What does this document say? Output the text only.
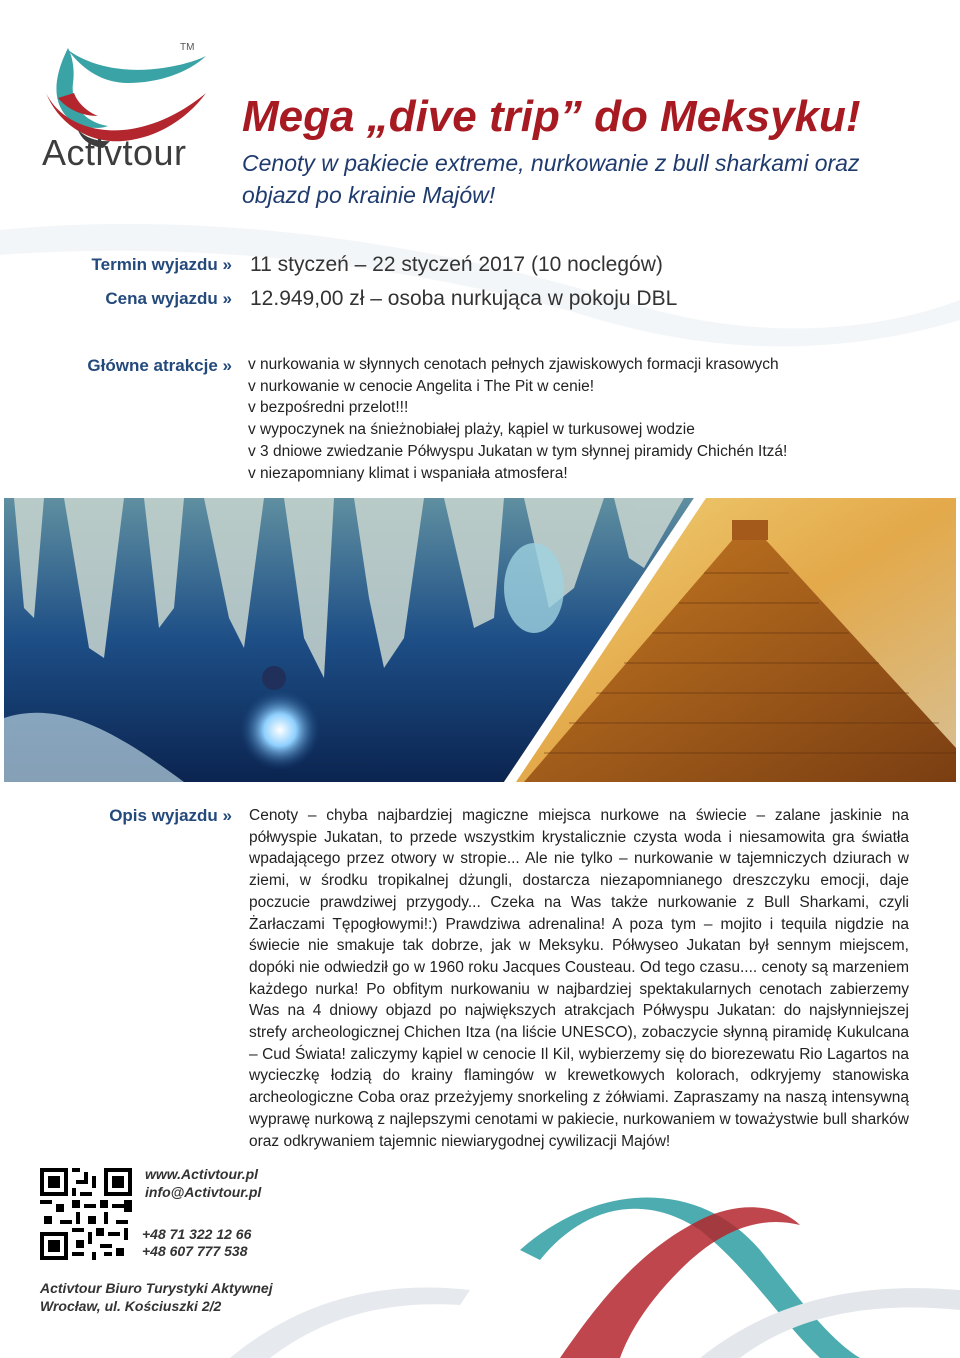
TM
Activtour
Mega „dive trip” do Meksyku!
Cenoty w pakiecie extreme, nurkowanie z bull sharkami oraz objazd po krainie Majów!
Termin wyjazdu » 11 styczeń – 22 styczeń 2017 (10 noclegów)
Cena wyjazdu » 12.949,00 zł – osoba nurkująca w pokoju DBL
Główne atrakcje » v nurkowania w słynnych cenotach pełnych zjawiskowych formacji krasowych
v nurkowanie w cenocie Angelita i The Pit w cenie!
v bezpośredni przelot!!!
v wypoczynek na śnieżnobiałej plaży, kąpiel w turkusowej wodzie
v 3 dniowe zwiedzanie Półwyspu Jukatan w tym słynnej piramidy Chichén Itzá!
v niezapomniany klimat i wspaniała atmosfera!
Opis wyjazdu » Cenoty – chyba najbardziej magiczne miejsca nurkowe na świecie – zalane jaskinie na półwyspie Jukatan, to przede wszystkim krystalicznie czysta woda i niesamowita gra światła wpadającego przez otwory w stropie... Ale nie tylko – nurkowanie w tajemniczych dziurach w ziemi, w środku tropikalnej dżungli, dostarcza niezapomnianego dreszczyku emocji, daje poczucie prawdziwej przygody... Czeka na Was także nurkowanie z Bull Sharkami, czyli Żarłaczami Tępogłowymi!:) Prawdziwa adrenalina! A poza tym – mojito i tequila nigdzie na świecie nie smakuje tak dobrze, jak w Meksyku. Półwyseo Jukatan był sennym miejscem, dopóki nie odwiedził go w 1960 roku Jacques Cousteau. Od tego czasu.... cenoty są marzeniem każdego nurka! Po obfitym nurkowaniu w najbardziej spektakularnych cenotach zabierzemy Was na 4 dniowy objazd po największych atrakcjach Półwyspu Jukatan: do najsłynniejszej strefy archeologicznej Chichen Itza (na liście UNESCO), zobaczycie słynną piramidę Kukulcana – Cud Świata! zaliczymy kąpiel w cenocie Il Kil, wybierzemy się do biorezewatu Rio Lagartos na wycieczkę łodzią do krainy flamingów w krewetkowych kolorach, odkryjemy stanowiska archeologiczne Coba oraz przeżyjemy snorkeling z żółwiami. Zapraszamy na naszą intensywną wyprawę nurkową z najlepszymi cenotami w pakiecie, nurkowaniem w toważystwie bull sharków oraz odkrywaniem tajemnic niewiarygodnej cywilizacji Majów!
www.Activtour.pl
info@Activtour.pl
+48 71 322 12 66
+48 607 777 538
Activtour Biuro Turystyki Aktywnej
Wrocław, ul. Kościuszki 2/2
